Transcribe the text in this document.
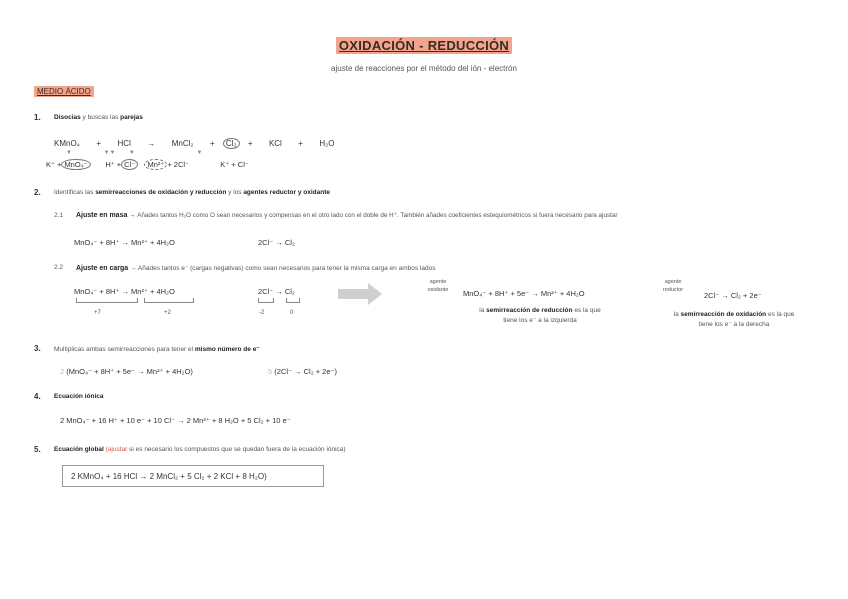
OXIDACIÓN - REDUCCIÓN
ajuste de reacciones por el método del ión - electrón
MEDIO ÁCIDO
1. Disocias y buscas las parejas
KMnO₄ + HCl → MnCl₂ + Cl₂ + KCl + H₂O
▼                   ▼▼        ▼                                     ▼
K⁺ + MnO₄⁻ H⁺ + Cl⁻ Mn²⁺ + 2Cl⁻	K⁺ + Cl⁻
2. Identificas las semirreacciones de oxidación y reducción y los agentes reductor y oxidante
2.1 Ajuste en masa → Añades tantos H₂O como O sean necesarios y compensas en el otro lado con el doble de H⁺. También añades coeficientes estequiométricos si fuera necesario para ajustar
MnO₄⁻ + 8H⁺ → Mn²⁺ + 4H₂O	2Cl⁻ → Cl₂
2.2 Ajuste en carga → Añades tantos e⁻ (cargas negativas) como sean necesarios para tener la misma carga en ambos lados
MnO₄⁻ + 8H⁺ → Mn²⁺ + 4H₂O
+7	+2
2Cl⁻ → Cl₂
-2	0
agente oxidante	MnO₄⁻ + 8H⁺ + 5e⁻ → Mn²⁺ + 4H₂O
la semirreacción de reducción es la que tiene los e⁻ a la izquierda
agente reductor
2Cl⁻ → Cl₂ + 2e⁻
la semirreacción de oxidación es la que tiene los e⁻ a la derecha
3. Multiplicas ambas semirreacciones para tener el mismo número de e⁻
2 (MnO₄⁻ + 8H⁺ + 5e⁻ → Mn²⁺ + 4H₂O)	5 (2Cl⁻ → Cl₂ + 2e⁻)
4. Ecuación iónica
2 MnO₄⁻ + 16 H⁺ + 10 e⁻ + 10 Cl⁻ → 2 Mn²⁺ + 8 H₂O + 5 Cl₂ + 10 e⁻
5. Ecuación global (ajustar si es necesario los compuestos que se quedan fuera de la ecuación iónica)
2 KMnO₄ + 16 HCl → 2 MnCl₂ + 5 Cl₂ + 2 KCl + 8 H₂O)
